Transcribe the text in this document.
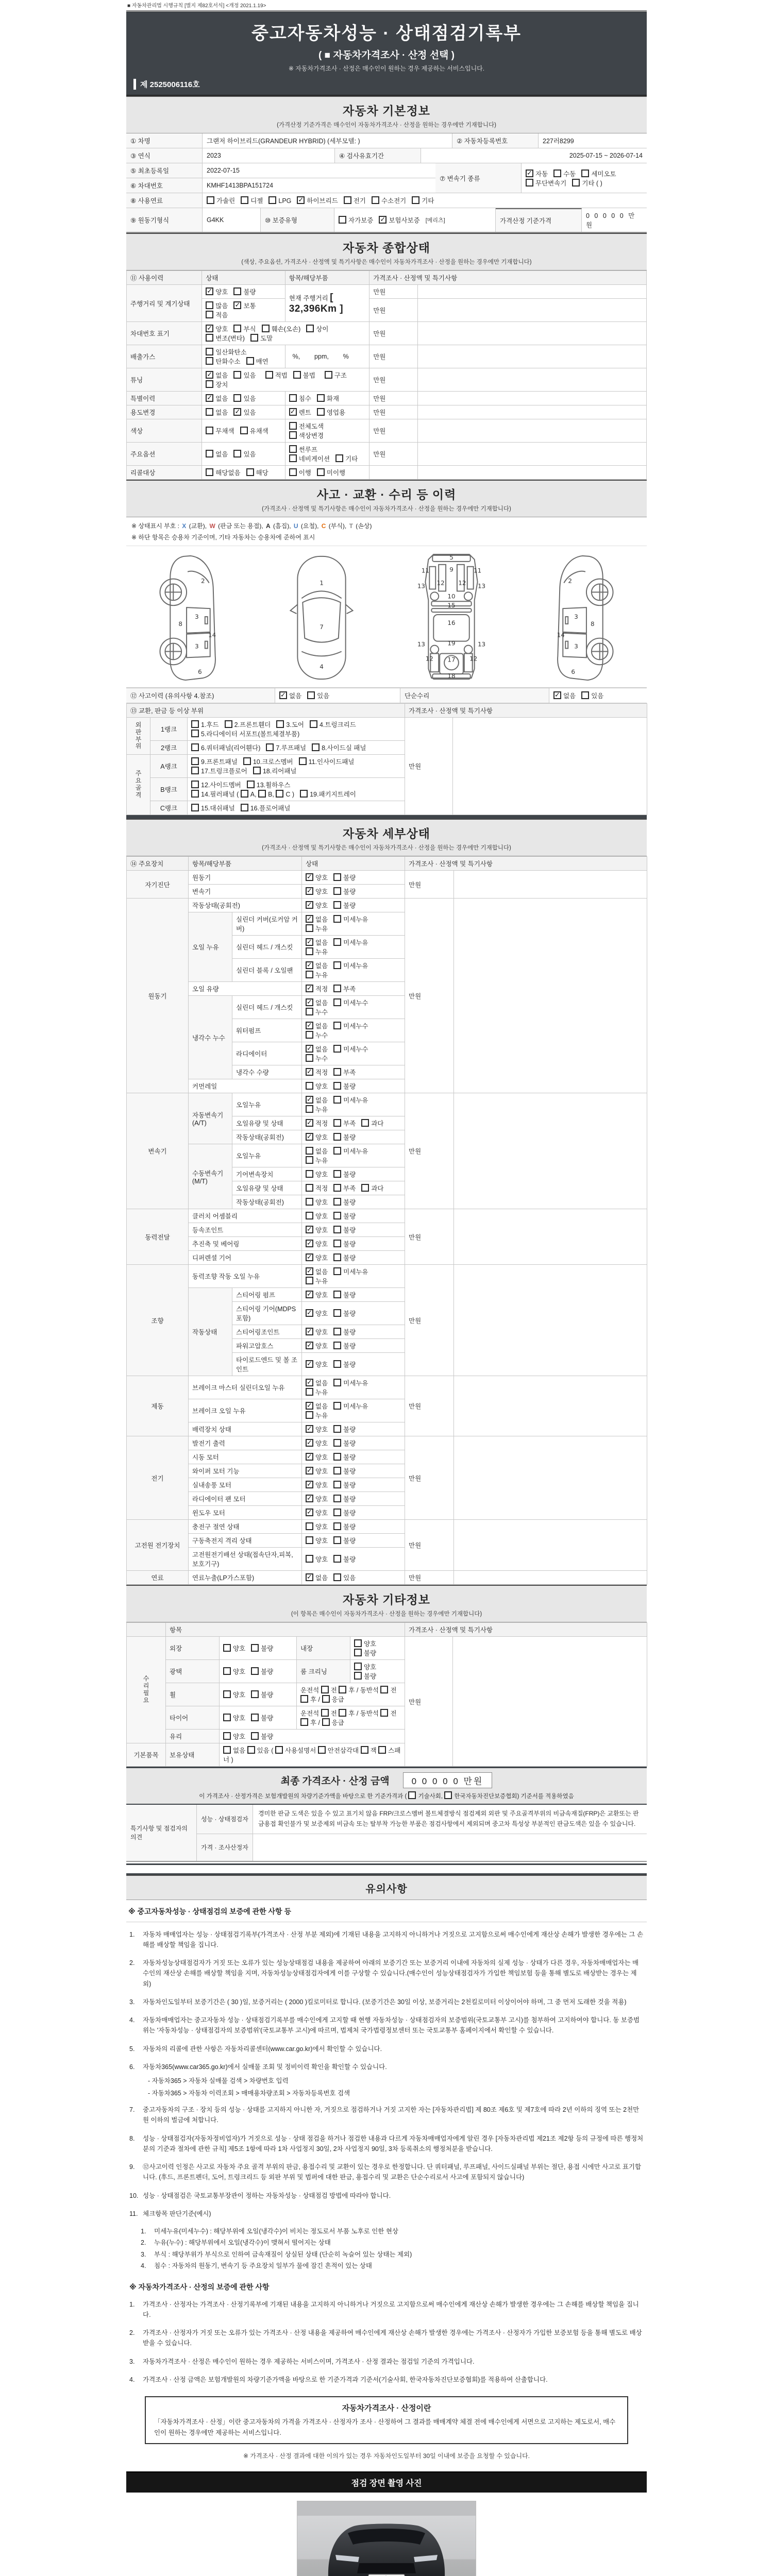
■ 자동차관리법 시행규칙 [별지 제82호서식] <개정 2021.1.19>
중고자동차성능 · 상태점검기록부
( ■ 자동차가격조사 · 산정 선택 )
※ 자동차가격조사 · 산정은 매수인이 원하는 경우 제공하는 서비스입니다.
제 2525006116호
자동차 기본정보
(가격산정 기준가격은 매수인이 자동차가격조사 · 산정을 원하는 경우에만 기재합니다)
① 차명	그랜저 하이브리드(GRANDEUR HYBRID) (세부모델: )	② 자동차등록번호	227러8299
③ 연식	2023	④ 검사유효기간	2025-07-15 ~ 2026-07-14
⑤ 최초등록일	2022-07-15
⑥ 차대번호	KMHF1413BPA151724
⑦ 변속기 종류
✓자동 수동 세미오토
무단변속기 기타 ( )
⑧ 사용연료	가솔린	디젤	LPG ✓	하이브리드	전기	수소전기	기타
⑨ 원동기형식	G4KK	⑩ 보증유형	자가보증 ✓ 보험사보증	[메리츠]	가격산정 기준가격
0 0 0 0 0 만원
자동차 종합상태
(색상, 주요옵션, 가격조사 · 산정액 및 특기사항은 매수인이 자동차가격조사 · 산정을 원하는 경우에만 기재합니다)
⑪ 사용이력	상태	항목/해당부품	가격조사 · 산정액 및 특기사항	
주행거리 및 계기상태	✓양호 불량	현재 주행거리 [ 32,396Km ]	만원	
	많음 ✓ 보통적음		만원	
차대번호 표기	✓양호 부식 훼손(오손) 상이변조(변타) 도말		만원	
배출가스	일산화탄소탄화수소 매연	%,        ppm,        %	만원	
튜닝	✓없음 있음 적법 불법 구조장치		만원	
특별이력	✓없음 있음	침수 화재	만원	
용도변경	없음 ✓ 있음	✓렌트 영업용	만원	
색상	무채색 유채색	전체도색색상변경	만원	
주요옵션	없음 있음	썬루프네비게이션 기타	만원	
리콜대상	해당없음 해당	이행 미이행		
사고 · 교환 · 수리 등 이력
(가격조사 · 산정액 및 특기사항은 매수인이 자동차가격조사 · 산정을 원하는 경우에만 기재합니다)
※ 상태표시 부호 : X (교환), W (판금 또는 용접), A (흠집), U (요철), C (부식), T (손상)
※ 하단 항목은 승용차 기준이며, 기타 자동차는 승용차에 준하여 표시
2
8
3
14
3
6
1
7
4
5
11	9	11
13 12 12 13
10
15
16
13	19	13
12 17 12
18
2
8
3
14
3
6
⑫ 사고이력 (유의사항 4.참조) ✓	없음	있음	단순수리 ✓	없음	있음
⑬ 교환, 판금 등 이상 부위			가격조사 · 산정액 및 특기사항	
외판부위	1랭크	1.후드 2.프론트휀더 3.도어 4.트렁크리드5.라디에이터 서포트(볼트체결부품)	만원	
	2랭크	6.쿼터패널(리어휀다) 7.루프패널 8.사이드실 패널		
주요골격	A랭크	9.프론트패널 10.크로스멤버 11.인사이드패널17.트렁크플로어 18.리어패널		
	B랭크	12.사이드멤버 13.휠하우스14.필러패널 ( A, B, C ) 19.패키지트레이		
	C랭크	15.대쉬패널 16.플로어패널		
자동차 세부상태
(가격조사 · 산정액 및 특기사항은 매수인이 자동차가격조사 · 산정을 원하는 경우에만 기재합니다)
⑭ 주요장치	항목/해당부품		상태	가격조사 · 산정액 및 특기사항	
자기진단	원동기	✓양호 불량	만원	
	변속기	✓양호 불량
원동기	작동상태(공회전)	✓양호 불량	만원	
	오일 누유	실린더 커버(로커암 커버)	✓없음 미세누유누유
		실린더 헤드 / 개스킷	✓없음 미세누유누유
		실린더 블록 / 오일팬	✓없음 미세누유누유
	오일 유량	✓적정 부족
	냉각수 누수	실린더 헤드 / 개스킷	✓없음 미세누수누수
		워터펌프	✓없음 미세누수누수
		라디에이터	✓없음 미세누수누수
		냉각수 수량	✓적정 부족
	커먼레일		양호 불량		
변속기	자동변속기 (A/T)	오일누유	✓없음 미세누유누유	만원	
		오일유량 및 상태	✓적정 부족 과다
		작동상태(공회전)	✓양호 불량
	수동변속기 (M/T)	오일누유	없음 미세누유누유		
		기어변속장치	양호 불량		
		오일유량 및 상태	적정 부족 과다		
		작동상태(공회전)	양호 불량		
동력전달	클러치 어셈블리		양호 불량	만원	
	등속조인트	✓양호 불량
	추진축 및 베어링	✓양호 불량
	디퍼렌셜 기어	✓양호 불량
조향	동력조향 작동 오일 누유	✓없음 미세누유누유	만원	
	작동상태	스티어링 펌프	✓양호 불량
		스티어링 기어(MDPS포함)	✓양호 불량
		스티어링조인트	✓양호 불량
		파워고압호스	✓양호 불량
		타이로드엔드 및 볼 조인트	✓양호 불량
제동	브레이크 마스터 실린더오일 누유	✓없음 미세누유누유	만원	
	브레이크 오일 누유	✓없음 미세누유누유
	배력장치 상태	✓양호 불량
전기	발전기 출력	✓양호 불량	만원	
	시동 모터	✓양호 불량
	와이퍼 모터 기능	✓양호 불량
	실내송풍 모터	✓양호 불량
	라디에이터 팬 모터	✓양호 불량
	윈도우 모터	✓양호 불량
고전원 전기장치	충전구 절연 상태		양호 불량	만원	
	구동축전지 격리 상태		양호 불량		
	고전원전기배선 상태(접속단자,피복,보호기구)		양호 불량		
연료	연료누출(LP가스포함)	✓없음 있음	만원	
자동차 기타정보
(이 항목은 매수인이 자동차가격조사 · 산정을 원하는 경우에만 기재합니다)
	항목				가격조사 · 산정액 및 특기사항	
수리필요	외장	양호 불량	내장	양호불량	만원	
	광택	양호 불량	룸 크리닝	양호불량		
	휠	양호 불량	운전석 전 후 / 동반석 전 후 / 응급			
	타이어	양호 불량	운전석 전 후 / 동반석 전 후 / 응급			
	유리	양호 불량				
기본품목	보유상태	없음 있음 ( 사용설명서 안전삼각대 잭 스패너 )				
최종 가격조사 · 산정 금액	0 0 0 0 0 만원
이 가격조사 · 산정가격은 보험개발원의 차량기준가액을 바탕으로 한 기준가격과 ( 기술사회, 한국자동차진단보증협회) 기준서를 적용하였음
특기사항 및 점검자의 의견
성능 · 상태점검자
경미한 판금 도색은 있을 수 있고 표기치 않음 FRP/크로스멤버 볼트체결방식 점검제외 외판 및 주요골격부위의 비금속재질(FRP)은 교환또는 판금용접 확인불가 및 보증제외 비금속 또는 탈부착 가능한 부품은 점검사항에서 제외되며 중고차 특성상 부분적인 판금도색은 있을 수 있습니다.
가격 · 조사산정자
유의사항
※ 중고자동차성능 · 상태점검의 보증에 관한 사항 등
1.	자동차 매매업자는 성능 · 상태점검기록부(가격조사 · 산정 부분 제외)에 기재된 내용을 고지하지 아니하거나 거짓으로 고지함으로써 매수인에게 재산상 손해가 발생한 경우에는 그 손해를 배상할 책임을 집니다.
2.	자동차성능상태점검자가 거짓 또는 오류가 있는 성능상태점검 내용을 제공하여 아래의 보증기간 또는 보증거리 이내에 자동차의 실제 성능 · 상태가 다른 경우, 자동차매매업자는 매수인의 재산상 손해를 배상할 책임을 지며, 자동차성능상태점검자에게 이를 구상할 수 있습니다.(매수인이 성능상태점검자가 가입한 책임보험 등을 통해 별도로 배상받는 경우는 제외)
3.	자동차인도일부터 보증기간은 ( 30 )일, 보증거리는 ( 2000 )킬로미터로 합니다. (보증기간은 30일 이상, 보증거리는 2천킬로미터 이상이어야 하며, 그 중 먼저 도래한 것을 적용)
4.	자동차매매업자는 중고자동차 성능 · 상태점검기록부를 매수인에게 고지할 때 현행 자동차성능 · 상태점검자의 보증범위(국토교통부 고시)를 첨부하여 고지하여야 합니다. 동 보증범위는 '자동차성능 · 상태점검자의 보증범위'(국토교통부 고시)에 따르며, 법제처 국가법령정보센터 또는 국토교통부 홈페이지에서 확인할 수 있습니다.
5.	자동차의 리콜에 관한 사항은 자동차리콜센터(www.car.go.kr)에서 확인할 수 있습니다.
6.	자동차365(www.car365.go.kr)에서 실매물 조회 및 정비이력 확인을 확인할 수 있습니다.
- 자동차365 > 자동차 실매물 검색 > 차량번호 입력
- 자동차365 > 자동차 이력조회 > 매매용차량조회 > 자동차등록번호 검색
7.	중고자동차의 구조 · 장치 등의 성능 · 상태를 고지하지 아니한 자, 거짓으로 점검하거나 거짓 고지한 자는 [자동차관리법] 제 80조 제6호 및 제7호에 따라 2년 이하의 징역 또는 2천만원 이하의 벌금에 처합니다.
8.	성능 · 상태점검자(자동차정비업자)가 거짓으로 성능 · 상태 점검을 하거나 점검한 내용과 다르게 자동차매매업자에게 알린 경우 [자동차관리법 제21조 제2항 등의 규정에 따른 행정처분의 기준과 절차에 관한 규칙] 제5조 1항에 따라 1차 사업정지 30일, 2차 사업정지 90일, 3차 등록취소의 행정처분을 받습니다.
9.	⑫사고이력 인정은 사고로 자동차 주요 골격 부위의 판금, 용접수리 및 교환이 있는 경우로 한정합니다. 단 쿼터패널, 루프패널, 사이드실패널 부위는 절단, 용접 시에만 사고로 표기합니다. (후드, 프론트펜더, 도어, 트렁크리드 등 외판 부위 및 범퍼에 대한 판금, 용접수리 및 교환은 단순수리로서 사고에 포함되지 않습니다)
10. 성능 · 상태점검은 국토교통부장관이 정하는 자동차성능 · 상태점검 방법에 따라야 합니다.
11. 체크항목 판단기준(예시)
1.	미세누유(미세누수) : 해당부위에 오일(냉각수)이 비치는 정도로서 부품 노후로 인한 현상
2.	누유(누수) : 해당부위에서 오일(냉각수)이 맺혀서 떨어지는 상태
3.	부식 : 해당부위가 부식으로 인하여 금속재질이 상실된 상태 (단순히 녹슬어 있는 상태는 제외)
4.	침수 : 자동차의 원동기, 변속기 등 주요장치 일부가 물에 잠긴 흔적이 있는 상태
※ 자동차가격조사 · 산정의 보증에 관한 사항
1.	가격조사 · 산정자는 가격조사 · 산정기록부에 기재된 내용을 고지하지 아니하거나 거짓으로 고지함으로써 매수인에게 재산상 손해가 발생한 경우에는 그 손해를 배상할 책임을 집니다.
2.	가격조사 · 산정자가 거짓 또는 오류가 있는 가격조사 · 산정 내용을 제공하여 매수인에게 재산상 손해가 발생한 경우에는 가격조사 · 산정자가 가입한 보증보험 등을 통해 별도로 배상받을 수 있습니다.
3.	자동차가격조사 · 산정은 매수인이 원하는 경우 제공하는 서비스이며, 가격조사 · 산정 결과는 점검일 기준의 가격입니다.
4.	가격조사 · 산정 금액은 보험개발원의 차량기준가액을 바탕으로 한 기준가격과 기준서(기술사회, 한국자동차진단보증협회)를 적용하여 산출합니다.
자동차가격조사 · 산정이란
「자동차가격조사 · 산정」이란 중고자동차의 가격을 가격조사 · 산정자가 조사 · 산정하여 그 결과를 매매계약 체결 전에 매수인에게 서면으로 고지하는 제도로서, 매수인이 원하는 경우에만 제공하는 서비스입니다.
※ 가격조사 · 산정 결과에 대한 이의가 있는 경우 자동차인도일부터 30일 이내에 보증을 요청할 수 있습니다.
점검 장면 촬영 사진
